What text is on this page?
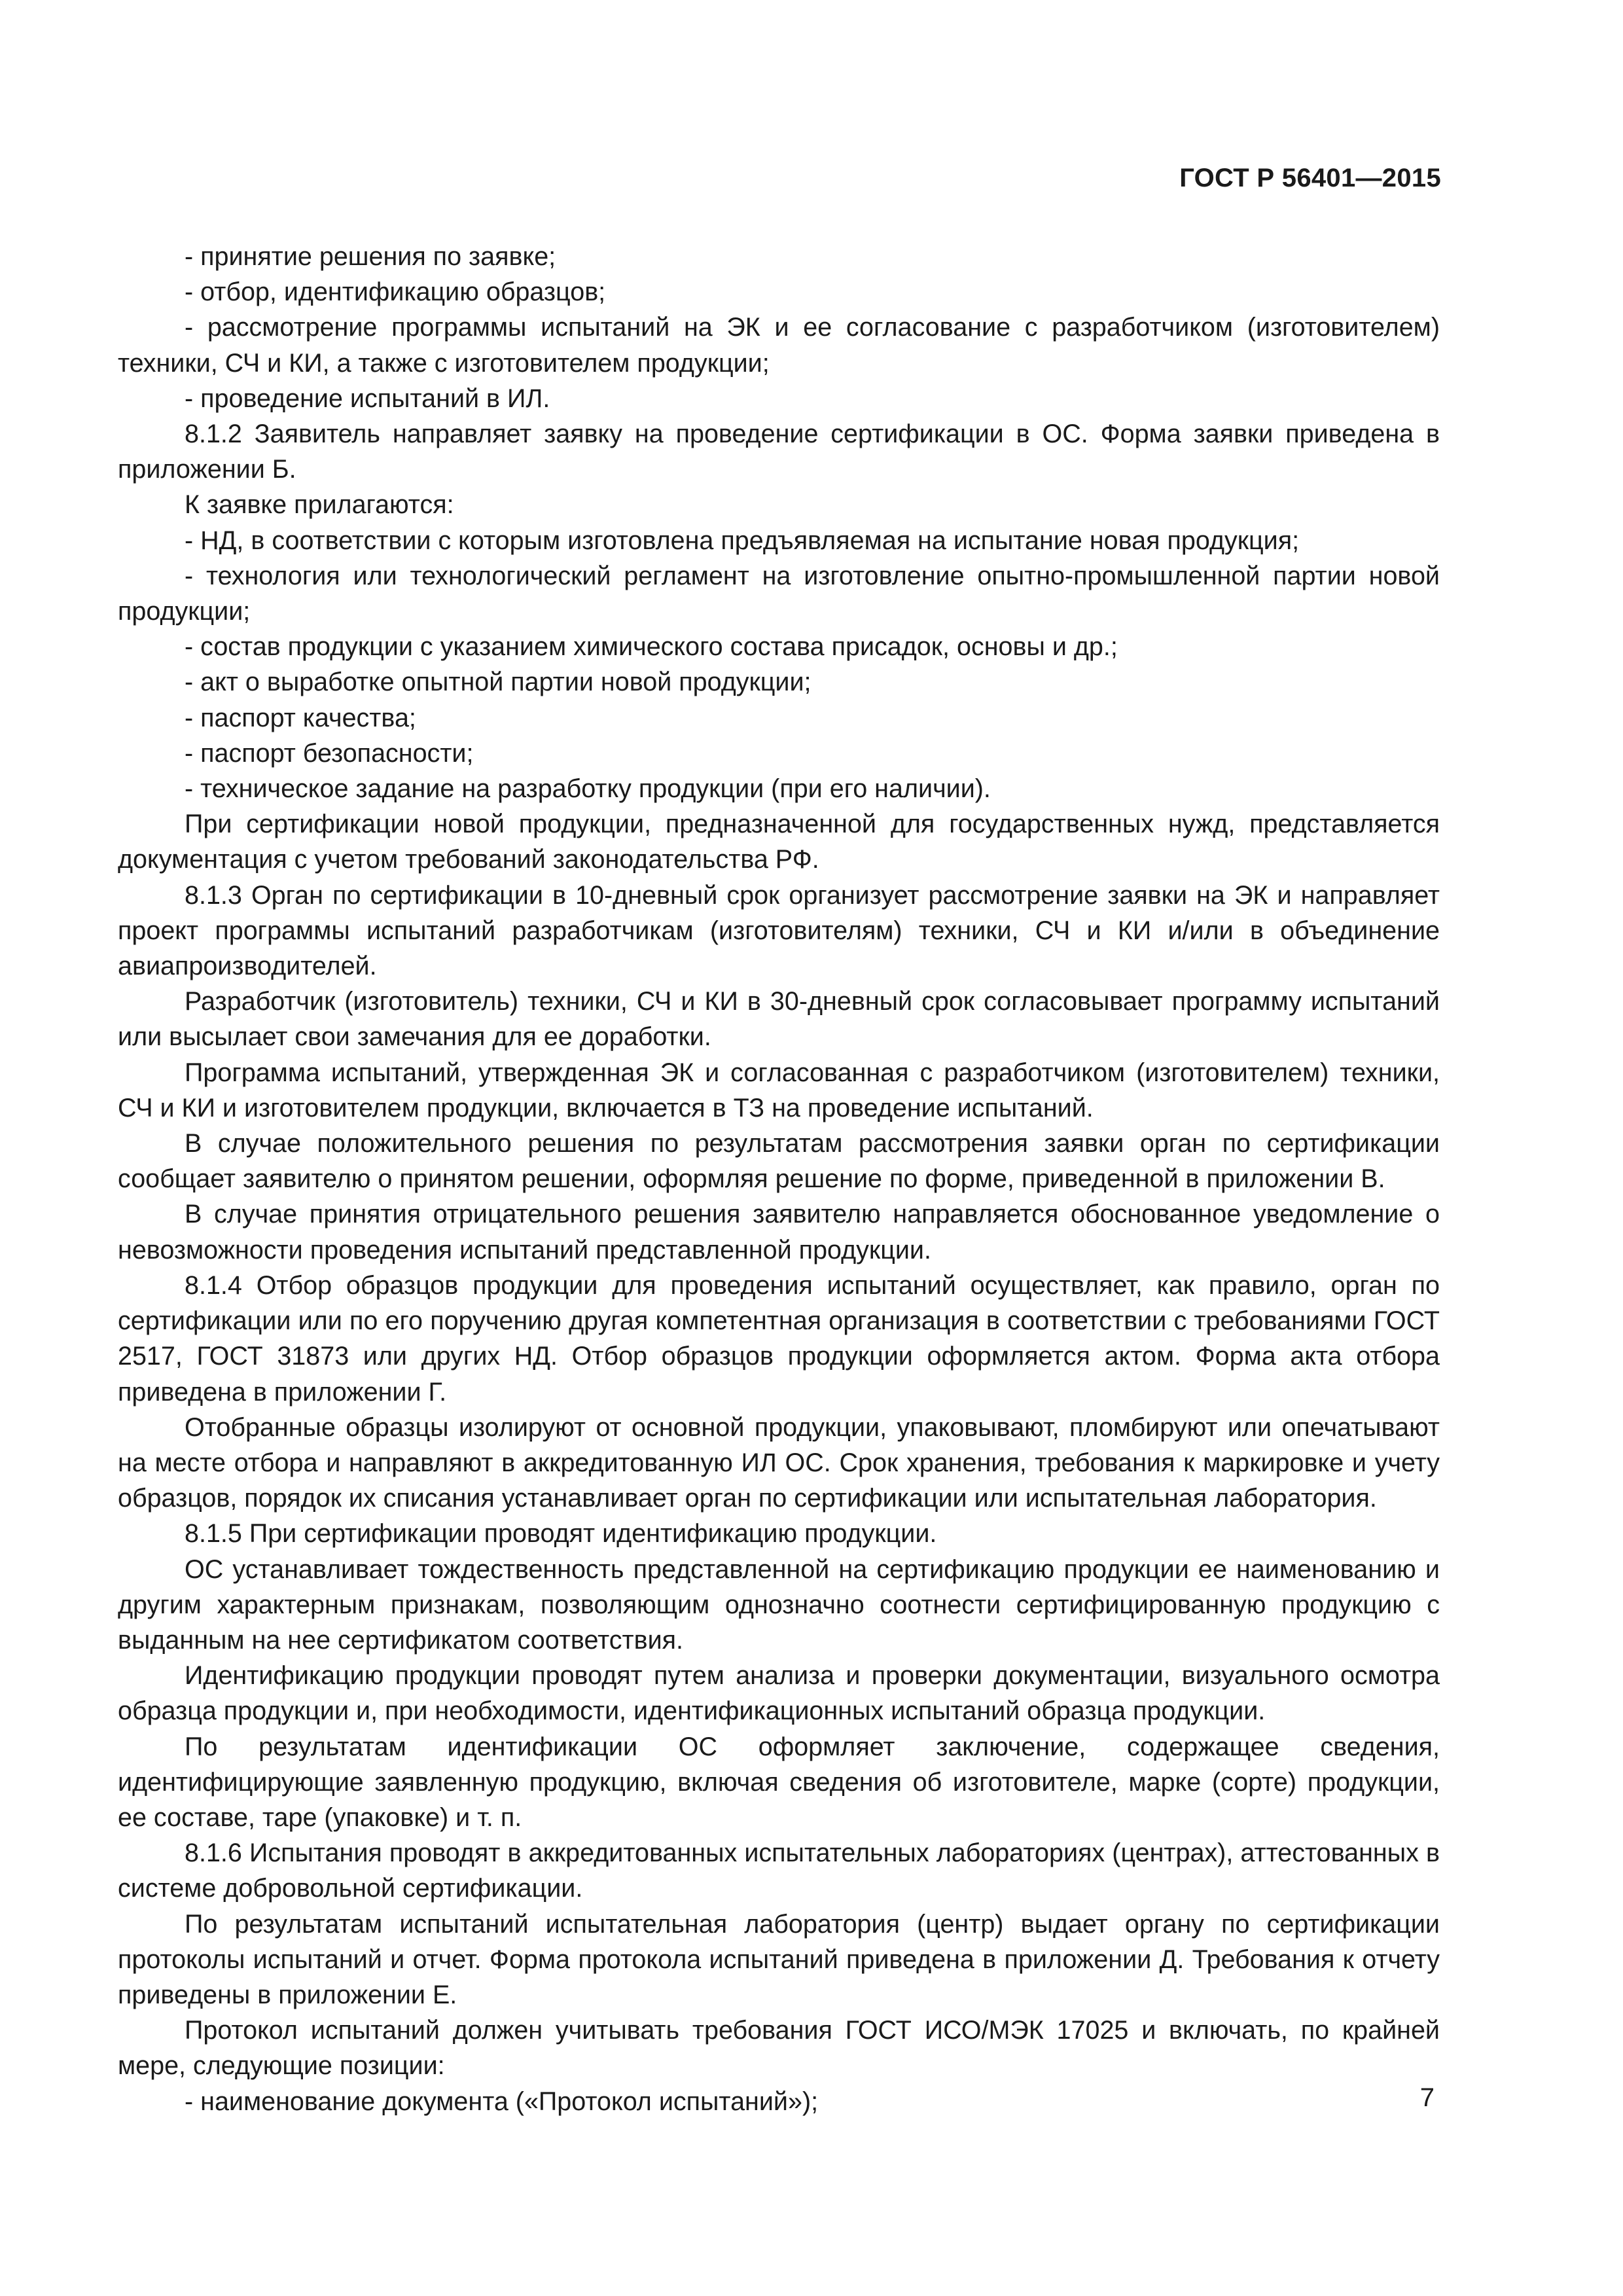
ГОСТ Р 56401—2015

- принятие решения по заявке;

- отбор, идентификацию образцов;

- рассмотрение программы испытаний на ЭК и ее согласование с разработчиком (изготовителем) техники, СЧ и КИ, а также с изготовителем продукции;

- проведение испытаний в ИЛ.

8.1.2 Заявитель направляет заявку на проведение сертификации в ОС. Форма заявки приведена в приложении Б.

К заявке прилагаются:

- НД, в соответствии с которым изготовлена предъявляемая на испытание новая продукция;

- технология или технологический регламент на изготовление опытно-промышленной партии новой продукции;

- состав продукции с указанием химического состава присадок, основы и др.;

- акт о выработке опытной партии новой продукции;

- паспорт качества;

- паспорт безопасности;

- техническое задание на разработку продукции (при его наличии).

При сертификации новой продукции, предназначенной для государственных нужд, представляется документация с учетом требований законодательства РФ.

8.1.3 Орган по сертификации в 10-дневный срок организует рассмотрение заявки на ЭК и направляет проект программы испытаний разработчикам (изготовителям) техники, СЧ и КИ и/или в объединение авиапроизводителей.

Разработчик (изготовитель) техники, СЧ и КИ в 30-дневный срок согласовывает программу испытаний или высылает свои замечания для ее доработки.

Программа испытаний, утвержденная ЭК и согласованная с разработчиком (изготовителем) техники, СЧ и КИ и изготовителем продукции, включается в ТЗ на проведение испытаний.

В случае положительного решения по результатам рассмотрения заявки орган по сертификации сообщает заявителю о принятом решении, оформляя решение по форме, приведенной в приложении В.

В случае принятия отрицательного решения заявителю направляется обоснованное уведомление о невозможности проведения испытаний представленной продукции.

8.1.4 Отбор образцов продукции для проведения испытаний осуществляет, как правило, орган по сертификации или по его поручению другая компетентная организация в соответствии с требованиями ГОСТ 2517, ГОСТ 31873 или других НД. Отбор образцов продукции оформляется актом. Форма акта отбора приведена в приложении Г.

Отобранные образцы изолируют от основной продукции, упаковывают, пломбируют или опечатывают на месте отбора и направляют в аккредитованную ИЛ ОС. Срок хранения, требования к маркировке и учету образцов, порядок их списания устанавливает орган по сертификации или испытательная лаборатория.

8.1.5 При сертификации проводят идентификацию продукции.

ОС устанавливает тождественность представленной на сертификацию продукции ее наименованию и другим характерным признакам, позволяющим однозначно соотнести сертифицированную продукцию с выданным на нее сертификатом соответствия.

Идентификацию продукции проводят путем анализа и проверки документации, визуального осмотра образца продукции и, при необходимости, идентификационных испытаний образца продукции.

По результатам идентификации ОС оформляет заключение, содержащее сведения, идентифицирующие заявленную продукцию, включая сведения об изготовителе, марке (сорте) продукции, ее составе, таре (упаковке) и т. п.

8.1.6 Испытания проводят в аккредитованных испытательных лабораториях (центрах), аттестованных в системе добровольной сертификации.

По результатам испытаний испытательная лаборатория (центр) выдает органу по сертификации протоколы испытаний и отчет. Форма протокола испытаний приведена в приложении Д. Требования к отчету приведены в приложении Е.

Протокол испытаний должен учитывать требования ГОСТ ИСО/МЭК 17025 и включать, по крайней мере, следующие позиции:

- наименование документа («Протокол испытаний»);	7
